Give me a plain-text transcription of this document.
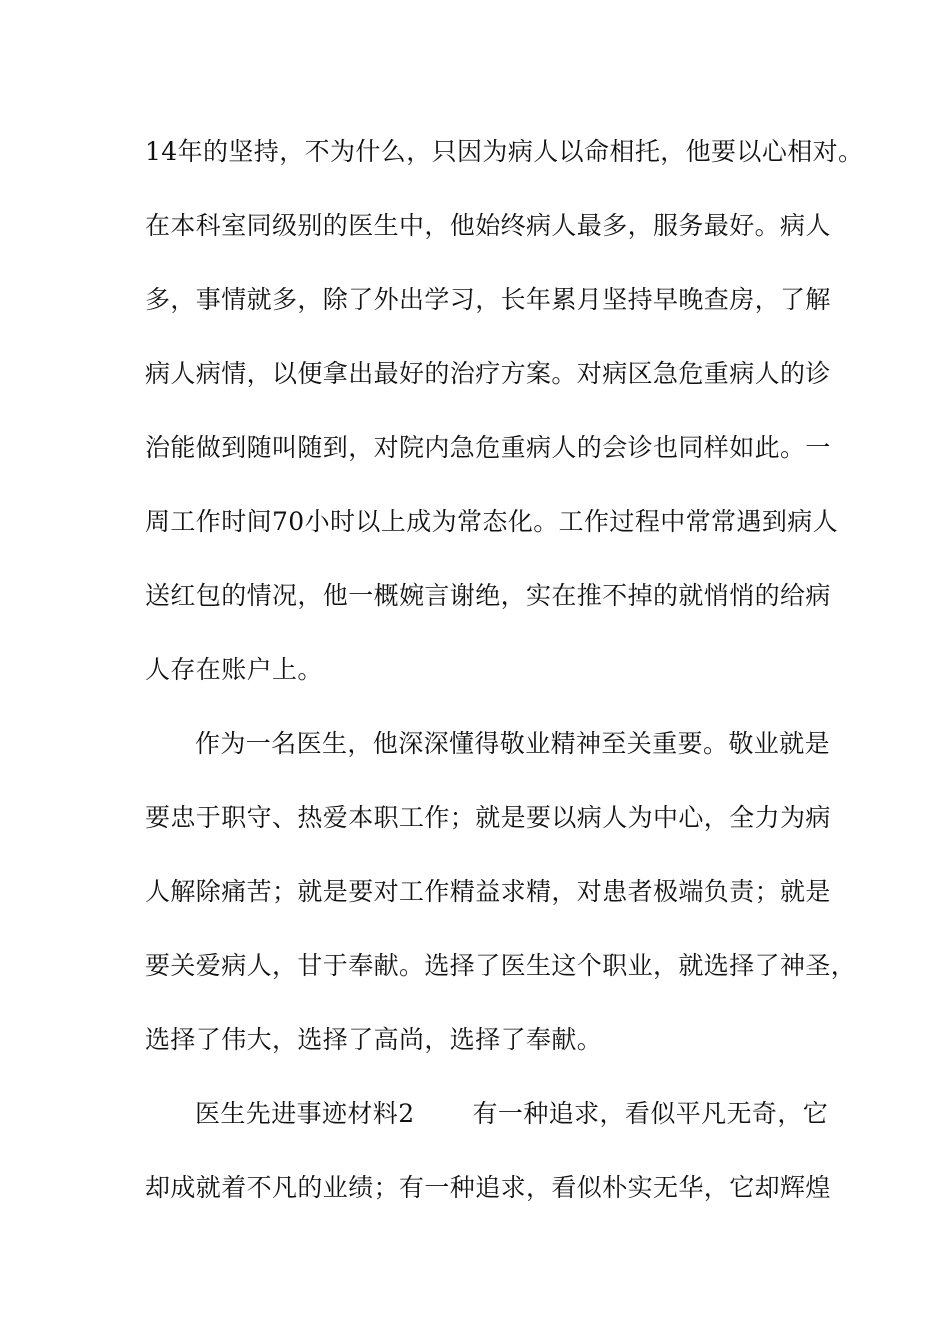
14年的坚持，不为什么，只因为病人以命相托，他要以心相对。
在本科室同级别的医生中，他始终病人最多，服务最好。病人
多，事情就多，除了外出学习，长年累月坚持早晚查房，了解
病人病情，以便拿出最好的治疗方案。对病区急危重病人的诊
治能做到随叫随到，对院内急危重病人的会诊也同样如此。一
周工作时间70小时以上成为常态化。工作过程中常常遇到病人
送红包的情况，他一概婉言谢绝，实在推不掉的就悄悄的给病
人存在账户上。
作为一名医生，他深深懂得敬业精神至关重要。敬业就是
要忠于职守、热爱本职工作；就是要以病人为中心，全力为病
人解除痛苦；就是要对工作精益求精，对患者极端负责；就是
要关爱病人，甘于奉献。选择了医生这个职业，就选择了神圣，
选择了伟大，选择了高尚，选择了奉献。
医生先进事迹材料2 有一种追求，看似平凡无奇，它
却成就着不凡的业绩；有一种追求，看似朴实无华，它却辉煌
